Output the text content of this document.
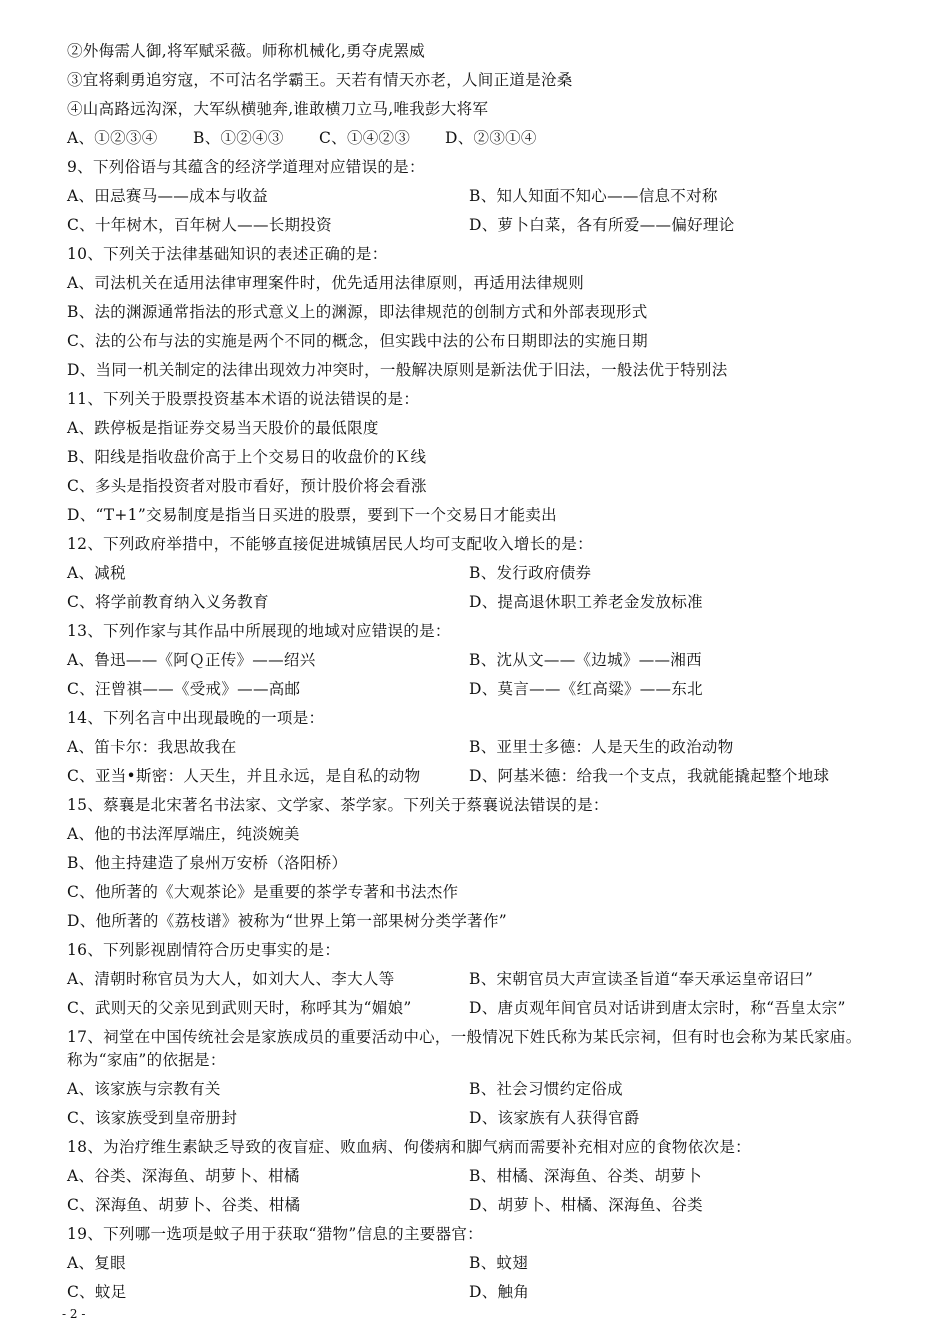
②外侮需人御,将军赋采薇。师称机械化,勇夺虎罴威
③宜将剩勇追穷寇，不可沽名学霸王。天若有情天亦老，人间正道是沧桑
④山高路远沟深，大军纵横驰奔,谁敢横刀立马,唯我彭大将军
A、①②③④ B、①②④③ C、①④②③ D、②③①④
9、下列俗语与其蕴含的经济学道理对应错误的是：
A、田忌赛马——成本与收益	B、知人知面不知心——信息不对称
C、十年树木，百年树人——长期投资	D、萝卜白菜，各有所爱——偏好理论
10、下列关于法律基础知识的表述正确的是：
A、司法机关在适用法律审理案件时，优先适用法律原则，再适用法律规则
B、法的渊源通常指法的形式意义上的渊源，即法律规范的创制方式和外部表现形式
C、法的公布与法的实施是两个不同的概念，但实践中法的公布日期即法的实施日期
D、当同一机关制定的法律出现效力冲突时，一般解决原则是新法优于旧法，一般法优于特别法
11、下列关于股票投资基本术语的说法错误的是：
A、跌停板是指证券交易当天股价的最低限度
B、阳线是指收盘价高于上个交易日的收盘价的Ｋ线
C、多头是指投资者对股市看好，预计股价将会看涨
D、“T+1”交易制度是指当日买进的股票，要到下一个交易日才能卖出
12、下列政府举措中，不能够直接促进城镇居民人均可支配收入增长的是：
A、减税	B、发行政府债券
C、将学前教育纳入义务教育	D、提高退休职工养老金发放标准
13、下列作家与其作品中所展现的地域对应错误的是：
A、鲁迅——《阿Ｑ正传》——绍兴	B、沈从文——《边城》——湘西
C、汪曾祺——《受戒》——高邮	D、莫言——《红高粱》——东北
14、下列名言中出现最晚的一项是：
A、笛卡尔：我思故我在	B、亚里士多德：人是天生的政治动物
C、亚当•斯密：人天生，并且永远，是自私的动物	D、阿基米德：给我一个支点，我就能撬起整个地球
15、蔡襄是北宋著名书法家、文学家、茶学家。下列关于蔡襄说法错误的是：
A、他的书法浑厚端庄，纯淡婉美
B、他主持建造了泉州万安桥（洛阳桥）
C、他所著的《大观茶论》是重要的茶学专著和书法杰作
D、他所著的《荔枝谱》被称为“世界上第一部果树分类学著作”
16、下列影视剧情符合历史事实的是：
A、清朝时称官员为大人，如刘大人、李大人等	B、宋朝官员大声宣读圣旨道“奉天承运皇帝诏曰”
C、武则天的父亲见到武则天时，称呼其为“媚娘”	D、唐贞观年间官员对话讲到唐太宗时，称“吾皇太宗”
17、祠堂在中国传统社会是家族成员的重要活动中心，一般情况下姓氏称为某氏宗祠，但有时也会称为某氏家庙。
称为“家庙”的依据是：
A、该家族与宗教有关	B、社会习惯约定俗成
C、该家族受到皇帝册封	D、该家族有人获得官爵
18、为治疗维生素缺乏导致的夜盲症、败血病、佝偻病和脚气病而需要补充相对应的食物依次是：
A、谷类、深海鱼、胡萝卜、柑橘	B、柑橘、深海鱼、谷类、胡萝卜
C、深海鱼、胡萝卜、谷类、柑橘	D、胡萝卜、柑橘、深海鱼、谷类
19、下列哪一选项是蚊子用于获取“猎物”信息的主要器官：
A、复眼	B、蚊翅
C、蚊足	D、触角
- 2 -
